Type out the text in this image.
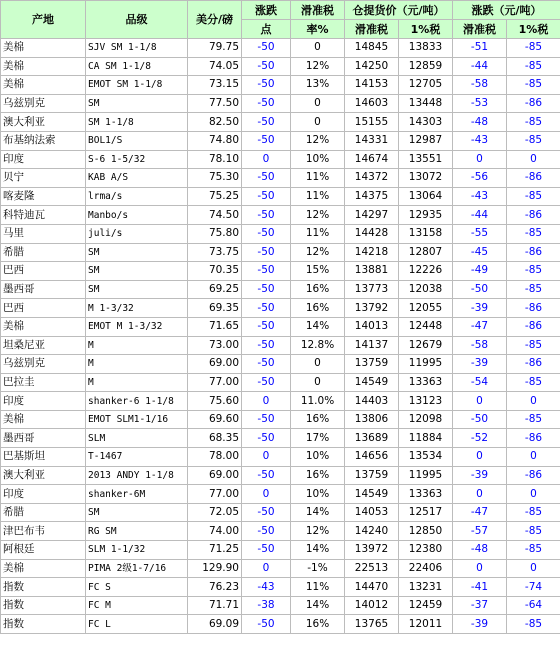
产地	品级	美分/磅	涨跌	滑准税	仓提货价（元/吨）		涨跌（元/吨）	
			点	率%	滑准税	1%税	滑准税	1%税
美棉	SJV SM 1-1/8	79.75	-50	0	14845	13833	-51	-85
美棉	CA SM 1-1/8	74.05	-50	12%	14250	12859	-44	-85
美棉	EMOT SM 1-1/8	73.15	-50	13%	14153	12705	-58	-85
乌兹别克	SM	77.50	-50	0	14603	13448	-53	-86
澳大利亚	SM 1-1/8	82.50	-50	0	15155	14303	-48	-85
布基纳法索	BOL1/S	74.80	-50	12%	14331	12987	-43	-85
印度	S-6 1-5/32	78.10	0	10%	14674	13551	0	0
贝宁	KAB A/S	75.30	-50	11%	14372	13072	-56	-86
喀麦隆	lrma/s	75.25	-50	11%	14375	13064	-43	-85
科特迪瓦	Manbo/s	74.50	-50	12%	14297	12935	-44	-86
马里	juli/s	75.80	-50	11%	14428	13158	-55	-85
希腊	SM	73.75	-50	12%	14218	12807	-45	-86
巴西	SM	70.35	-50	15%	13881	12226	-49	-85
墨西哥	SM	69.25	-50	16%	13773	12038	-50	-85
巴西	M 1-3/32	69.35	-50	16%	13792	12055	-39	-86
美棉	EMOT M 1-3/32	71.65	-50	14%	14013	12448	-47	-86
坦桑尼亚	M	73.00	-50	12.8%	14137	12679	-58	-85
乌兹别克	M	69.00	-50	0	13759	11995	-39	-86
巴拉圭	M	77.00	-50	0	14549	13363	-54	-85
印度	shanker-6 1-1/8	75.60	0	11.0%	14403	13123	0	0
美棉	EMOT SLM1-1/16	69.60	-50	16%	13806	12098	-50	-85
墨西哥	SLM	68.35	-50	17%	13689	11884	-52	-86
巴基斯坦	T-1467	78.00	0	10%	14656	13534	0	0
澳大利亚	2013 ANDY 1-1/8	69.00	-50	16%	13759	11995	-39	-86
印度	shanker-6M	77.00	0	10%	14549	13363	0	0
希腊	SM	72.05	-50	14%	14053	12517	-47	-85
津巴布韦	RG SM	74.00	-50	12%	14240	12850	-57	-85
阿根廷	SLM 1-1/32	71.25	-50	14%	13972	12380	-48	-85
美棉	PIMA 2级1-7/16	129.90	0	-1%	22513	22406	0	0
指数	FC S	76.23	-43	11%	14470	13231	-41	-74
指数	FC M	71.71	-38	14%	14012	12459	-37	-64
指数	FC L	69.09	-50	16%	13765	12011	-39	-85
